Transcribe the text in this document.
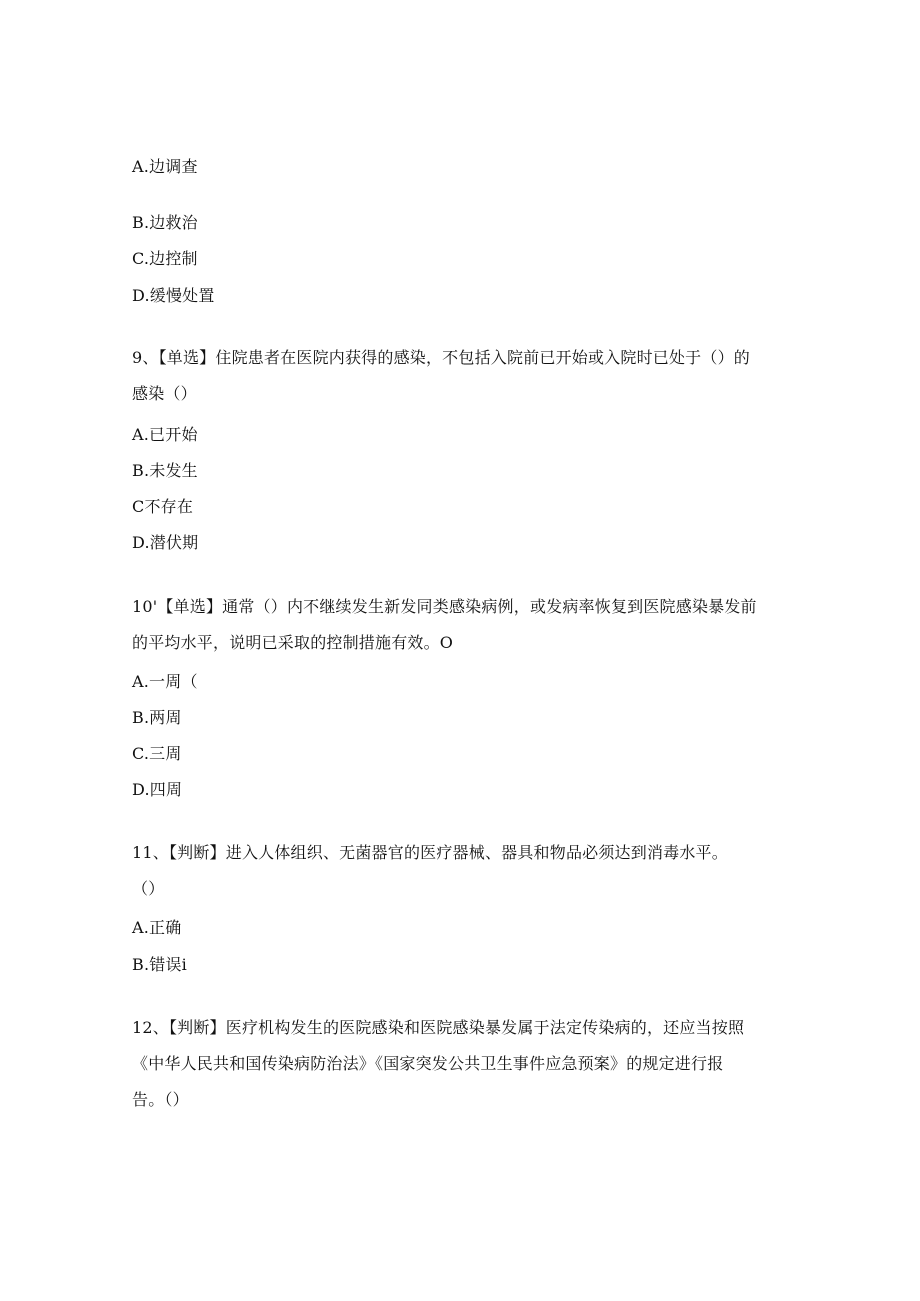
A.边调查
B.边救治
C.边控制
D.缓慢处置
9、【单选】住院患者在医院内获得的感染，不包括入院前已开始或入院时已处于（）的
感染（）
A.已开始
B.未发生
C不存在
D.潜伏期
10'【单选】通常（）内不继续发生新发同类感染病例，或发病率恢复到医院感染暴发前
的平均水平，说明已采取的控制措施有效。O
A.一周（
B.两周
C.三周
D.四周
11、【判断】进入人体组织、无菌器官的医疗器械、器具和物品必须达到消毒水平。
（）
A.正确
B.错误i
12、【判断】医疗机构发生的医院感染和医院感染暴发属于法定传染病的，还应当按照
《中华人民共和国传染病防治法》《国家突发公共卫生事件应急预案》的规定进行报
告。（）
